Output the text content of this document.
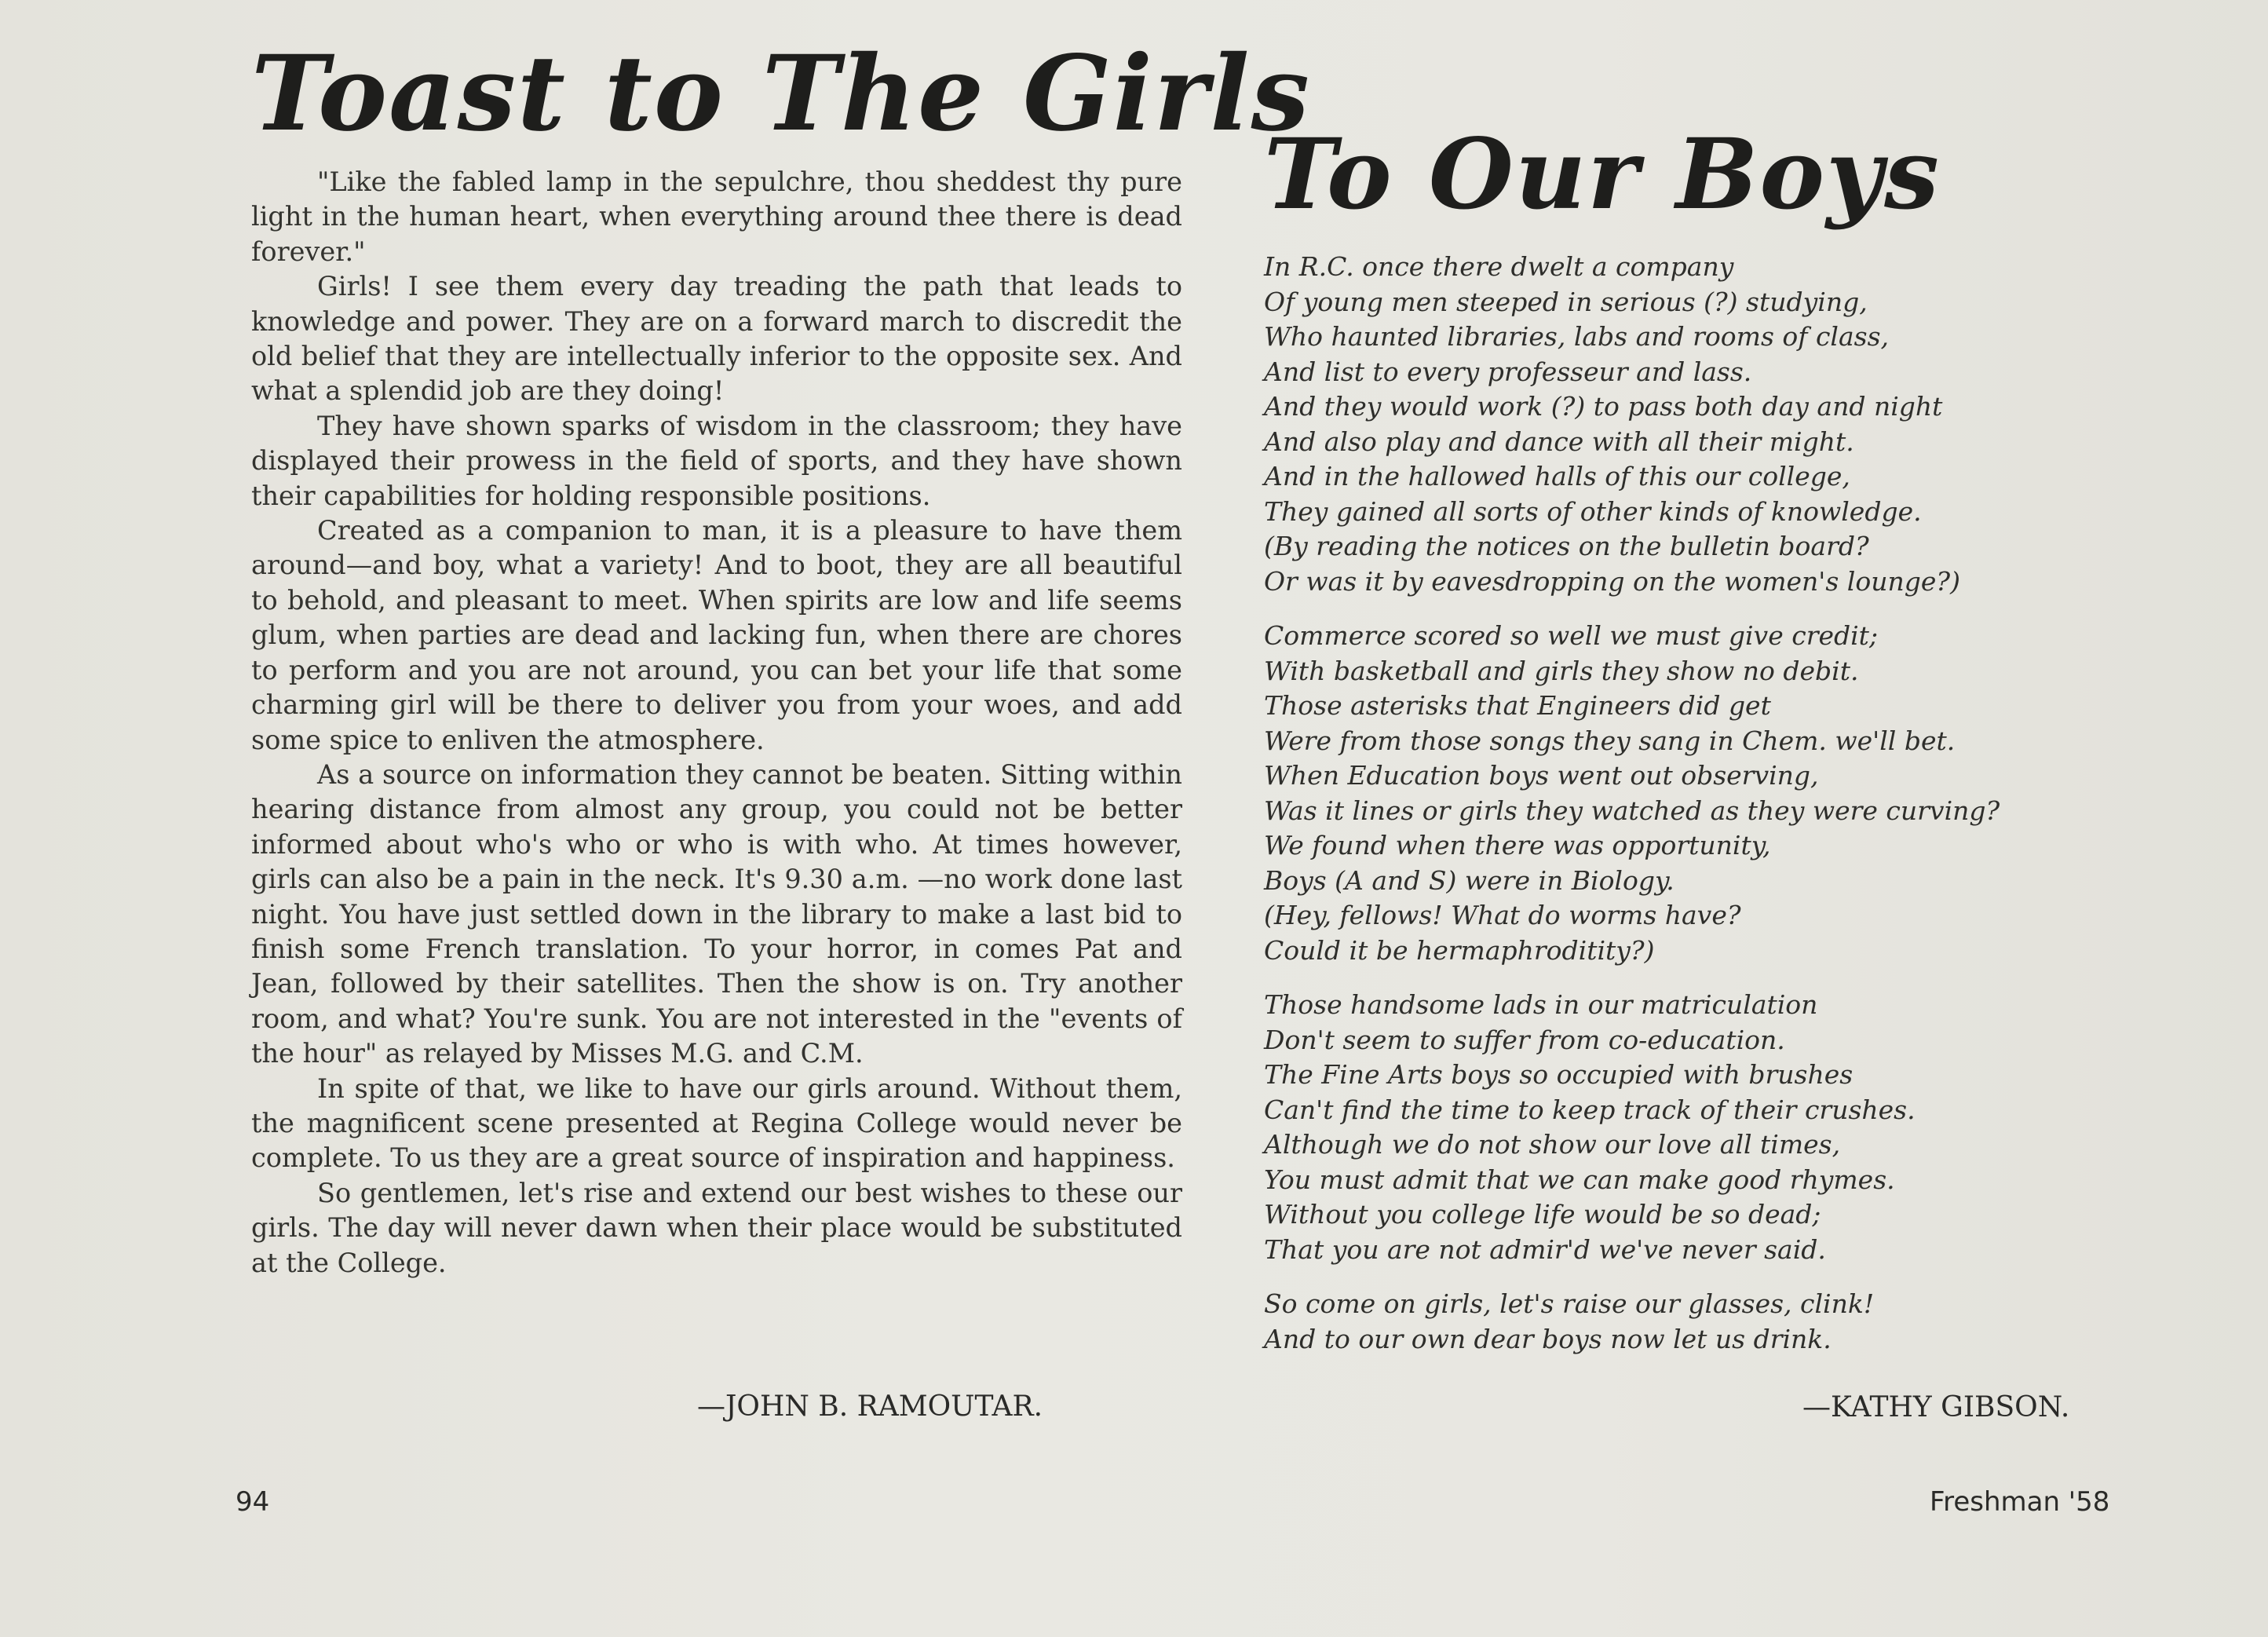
Toast to The Girls

"Like the fabled lamp in the sepulchre, thou sheddest thy pure light in the human heart, when everything around thee there is dead forever."

Girls! I see them every day treading the path that leads to knowledge and power. They are on a forward march to discredit the old belief that they are intellectually inferior to the opposite sex. And what a splendid job are they doing!

They have shown sparks of wisdom in the classroom; they have displayed their prowess in the field of sports, and they have shown their capabilities for holding responsible positions.

Created as a companion to man, it is a pleasure to have them around—and boy, what a variety! And to boot, they are all beautiful to behold, and pleasant to meet. When spirits are low and life seems glum, when parties are dead and lacking fun, when there are chores to perform and you are not around, you can bet your life that some charming girl will be there to deliver you from your woes, and add some spice to enliven the atmosphere.

As a source on information they cannot be beaten. Sitting within hearing distance from almost any group, you could not be better informed about who's who or who is with who. At times however, girls can also be a pain in the neck. It's 9.30 a.m. —no work done last night. You have just settled down in the library to make a last bid to finish some French translation. To your horror, in comes Pat and Jean, followed by their satellites. Then the show is on. Try another room, and what? You're sunk. You are not interested in the "events of the hour" as relayed by Misses M.G. and C.M.

In spite of that, we like to have our girls around. Without them, the magnificent scene presented at Regina College would never be complete. To us they are a great source of inspiration and happiness.

So gentlemen, let's rise and extend our best wishes to these our girls. The day will never dawn when their place would be substituted at the College.

—JOHN B. RAMOUTAR.
To Our Boys
In R.C. once there dwelt a company
Of young men steeped in serious (?) studying,
Who haunted libraries, labs and rooms of class,
And list to every professeur and lass.
And they would work (?) to pass both day and night
And also play and dance with all their might.
And in the hallowed halls of this our college,
They gained all sorts of other kinds of knowledge.
(By reading the notices on the bulletin board?
Or was it by eavesdropping on the women's lounge?)
Commerce scored so well we must give credit;
With basketball and girls they show no debit.
Those asterisks that Engineers did get
Were from those songs they sang in Chem. we'll bet.
When Education boys went out observing,
Was it lines or girls they watched as they were curving?
We found when there was opportunity,
Boys (A and S) were in Biology.
(Hey, fellows! What do worms have?
Could it be hermaphroditity?)
Those handsome lads in our matriculation
Don't seem to suffer from co-education.
The Fine Arts boys so occupied with brushes
Can't find the time to keep track of their crushes.
Although we do not show our love all times,
You must admit that we can make good rhymes.
Without you college life would be so dead;
That you are not admir'd we've never said.
So come on girls, let's raise our glasses, clink!
And to our own dear boys now let us drink.
—KATHY GIBSON.
94	Freshman '58
